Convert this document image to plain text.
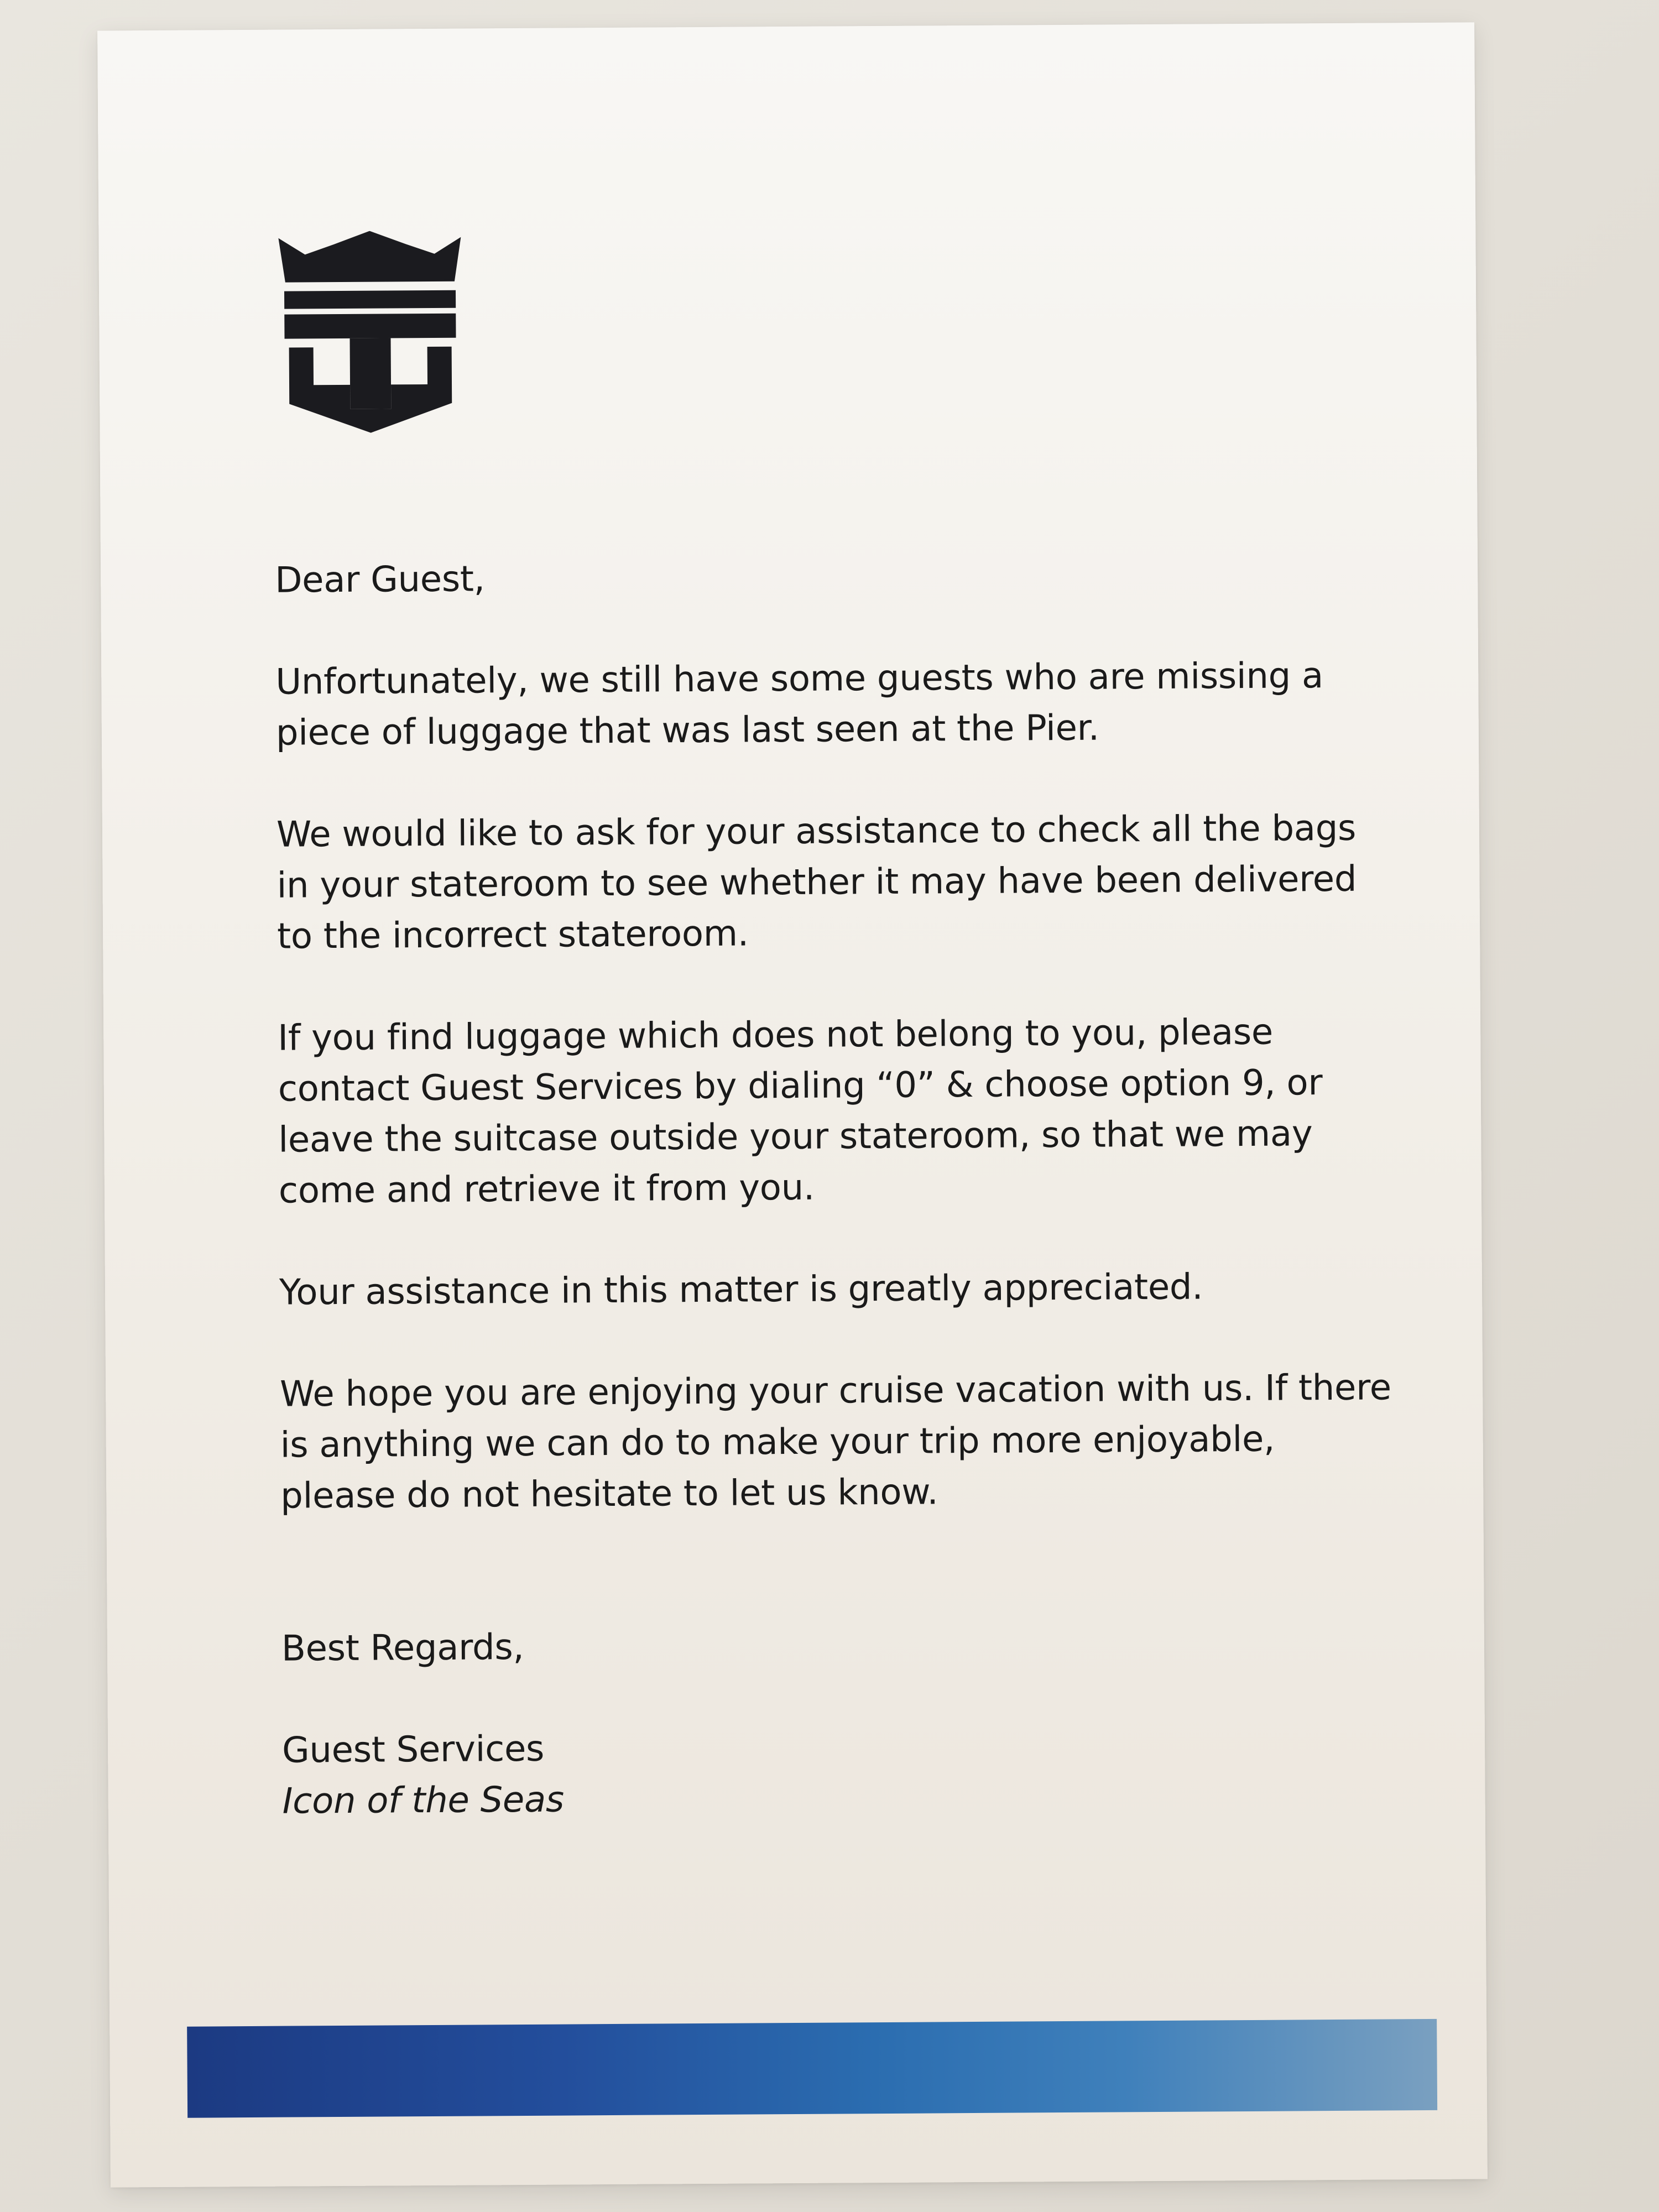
Dear Guest,

Unfortunately, we still have some guests who are missing a piece of luggage that was last seen at the Pier.

We would like to ask for your assistance to check all the bags in your stateroom to see whether it may have been delivered to the incorrect stateroom.

If you find luggage which does not belong to you, please contact Guest Services by dialing “0” & choose option 9, or leave the suitcase outside your stateroom, so that we may come and retrieve it from you.

Your assistance in this matter is greatly appreciated.

We hope you are enjoying your cruise vacation with us. If there is anything we can do to make your trip more enjoyable, please do not hesitate to let us know.

Best Regards,

Guest Services

Icon of the Seas
